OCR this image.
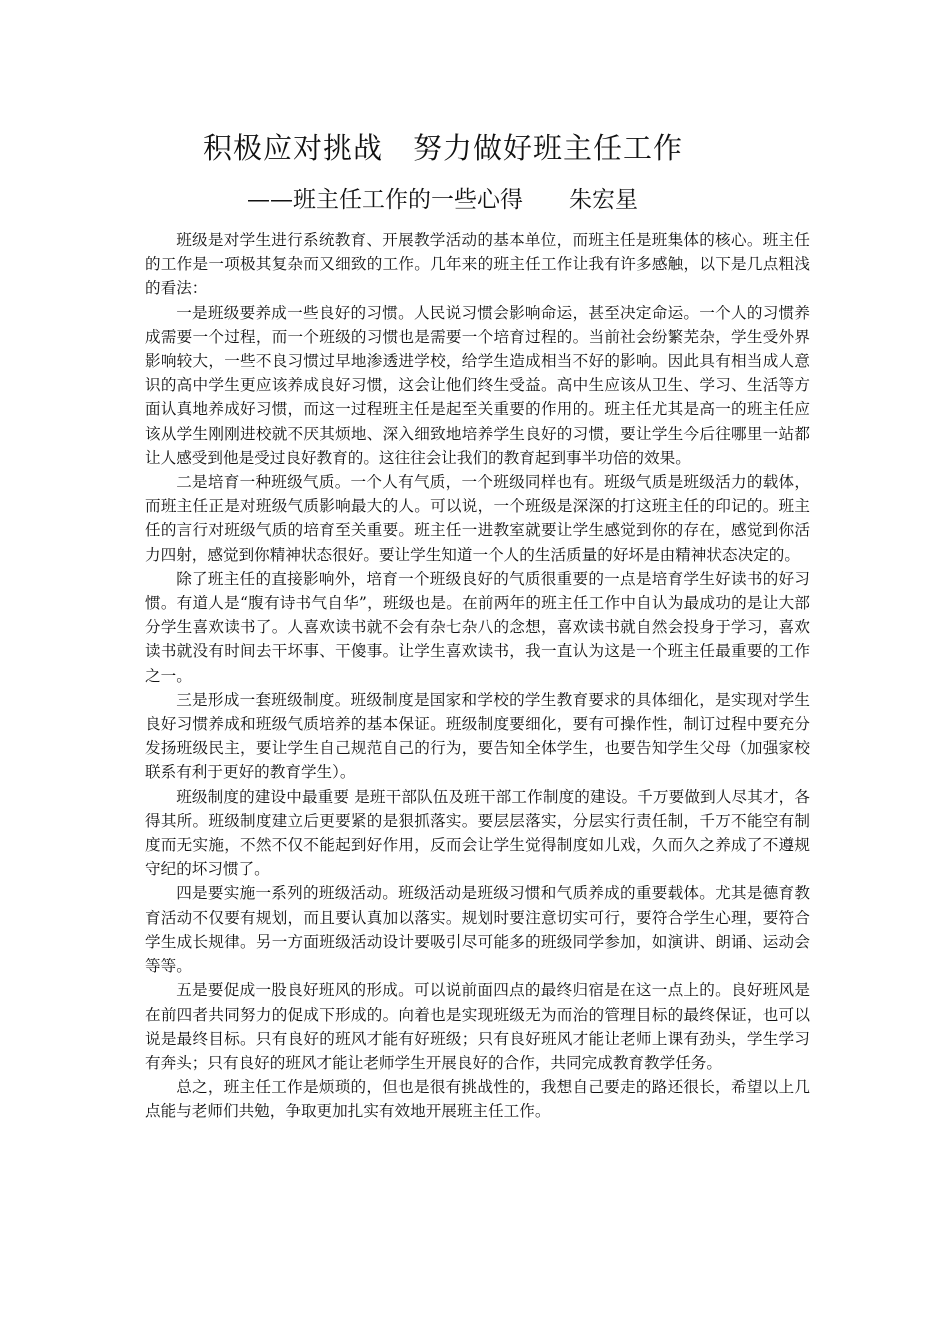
积极应对挑战　努力做好班主任工作
——班主任工作的一些心得　　朱宏星

班级是对学生进行系统教育、开展教学活动的基本单位，而班主任是班集体的核心。班主任的工作是一项极其复杂而又细致的工作。几年来的班主任工作让我有许多感触，以下是几点粗浅的看法：

一是班级要养成一些良好的习惯。人民说习惯会影响命运，甚至决定命运。一个人的习惯养成需要一个过程，而一个班级的习惯也是需要一个培育过程的。当前社会纷繁芜杂，学生受外界影响较大，一些不良习惯过早地渗透进学校，给学生造成相当不好的影响。因此具有相当成人意识的高中学生更应该养成良好习惯，这会让他们终生受益。高中生应该从卫生、学习、生活等方面认真地养成好习惯，而这一过程班主任是起至关重要的作用的。班主任尤其是高一的班主任应该从学生刚刚进校就不厌其烦地、深入细致地培养学生良好的习惯，要让学生今后往哪里一站都让人感受到他是受过良好教育的。这往往会让我们的教育起到事半功倍的效果。

二是培育一种班级气质。一个人有气质，一个班级同样也有。班级气质是班级活力的载体，而班主任正是对班级气质影响最大的人。可以说，一个班级是深深的打这班主任的印记的。班主任的言行对班级气质的培育至关重要。班主任一进教室就要让学生感觉到你的存在，感觉到你活力四射，感觉到你精神状态很好。要让学生知道一个人的生活质量的好坏是由精神状态决定的。

除了班主任的直接影响外，培育一个班级良好的气质很重要的一点是培育学生好读书的好习惯。有道人是“腹有诗书气自华”，班级也是。在前两年的班主任工作中自认为最成功的是让大部分学生喜欢读书了。人喜欢读书就不会有杂七杂八的念想，喜欢读书就自然会投身于学习，喜欢读书就没有时间去干坏事、干傻事。让学生喜欢读书，我一直认为这是一个班主任最重要的工作之一。

三是形成一套班级制度。班级制度是国家和学校的学生教育要求的具体细化，是实现对学生良好习惯养成和班级气质培养的基本保证。班级制度要细化，要有可操作性，制订过程中要充分发扬班级民主，要让学生自己规范自己的行为，要告知全体学生，也要告知学生父母（加强家校联系有利于更好的教育学生）。

班级制度的建设中最重要 是班干部队伍及班干部工作制度的建设。千万要做到人尽其才，各得其所。班级制度建立后更要紧的是狠抓落实。要层层落实，分层实行责任制，千万不能空有制度而无实施，不然不仅不能起到好作用，反而会让学生觉得制度如儿戏，久而久之养成了不遵规守纪的坏习惯了。

四是要实施一系列的班级活动。班级活动是班级习惯和气质养成的重要载体。尤其是德育教育活动不仅要有规划，而且要认真加以落实。规划时要注意切实可行，要符合学生心理，要符合学生成长规律。另一方面班级活动设计要吸引尽可能多的班级同学参加，如演讲、朗诵、运动会等等。

五是要促成一股良好班风的形成。可以说前面四点的最终归宿是在这一点上的。良好班风是在前四者共同努力的促成下形成的。向着也是实现班级无为而治的管理目标的最终保证，也可以说是最终目标。只有良好的班风才能有好班级；只有良好班风才能让老师上课有劲头，学生学习有奔头；只有良好的班风才能让老师学生开展良好的合作，共同完成教育教学任务。

总之，班主任工作是烦琐的，但也是很有挑战性的，我想自己要走的路还很长，希望以上几点能与老师们共勉，争取更加扎实有效地开展班主任工作。
